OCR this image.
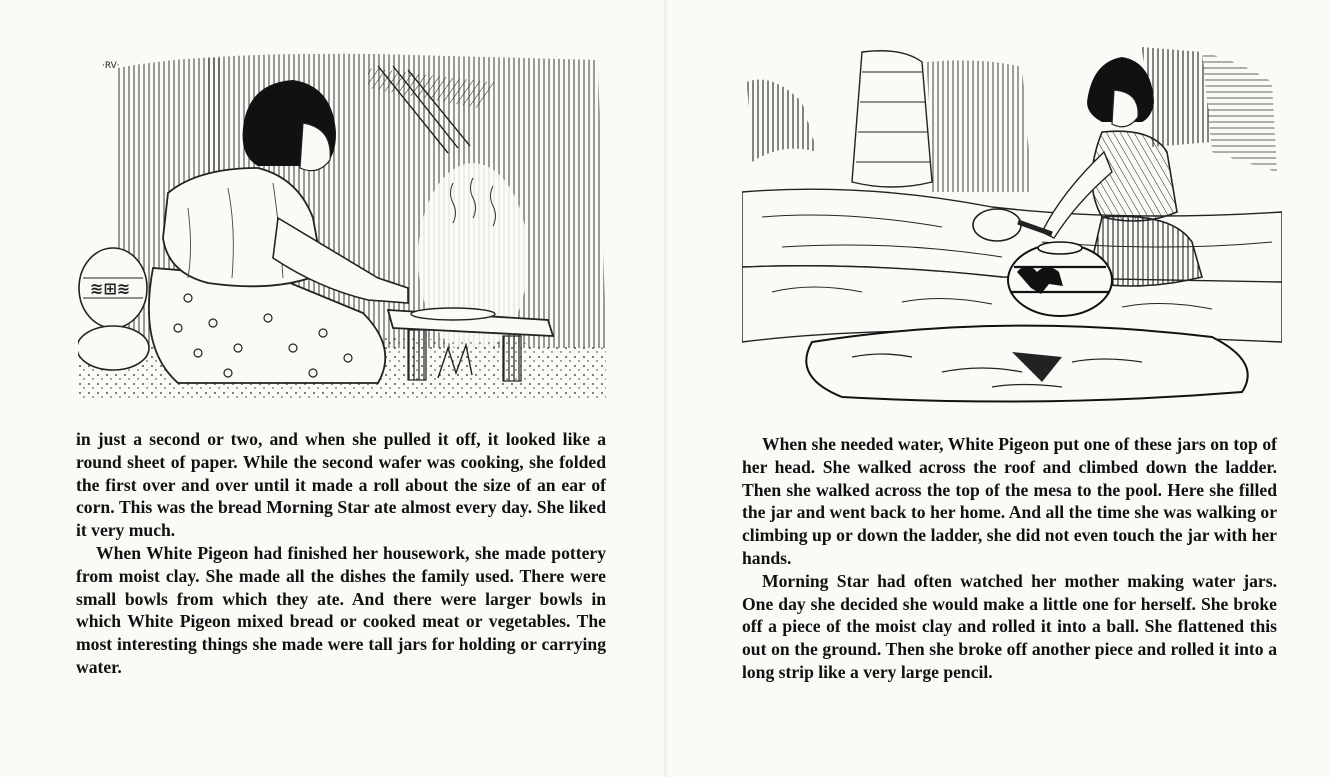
≋⊞≋
·RV·

in just a second or two, and when she pulled it off, it looked like a round sheet of paper. While the second wafer was cooking, she folded the first over and over until it made a roll about the size of an ear of corn. This was the bread Morning Star ate almost every day. She liked it very much.

When White Pigeon had finished her housework, she made pottery from moist clay. She made all the dishes the family used. There were small bowls from which they ate. And there were larger bowls in which White Pigeon mixed bread or cooked meat or vegetables. The most interesting things she made were tall jars for holding or carrying water.

When she needed water, White Pigeon put one of these jars on top of her head. She walked across the roof and climbed down the ladder. Then she walked across the top of the mesa to the pool. Here she filled the jar and went back to her home. And all the time she was walking or climbing up or down the ladder, she did not even touch the jar with her hands.

Morning Star had often watched her mother making water jars. One day she decided she would make a little one for herself. She broke off a piece of the moist clay and rolled it into a ball. She flattened this out on the ground. Then she broke off another piece and rolled it into a long strip like a very large pencil.
